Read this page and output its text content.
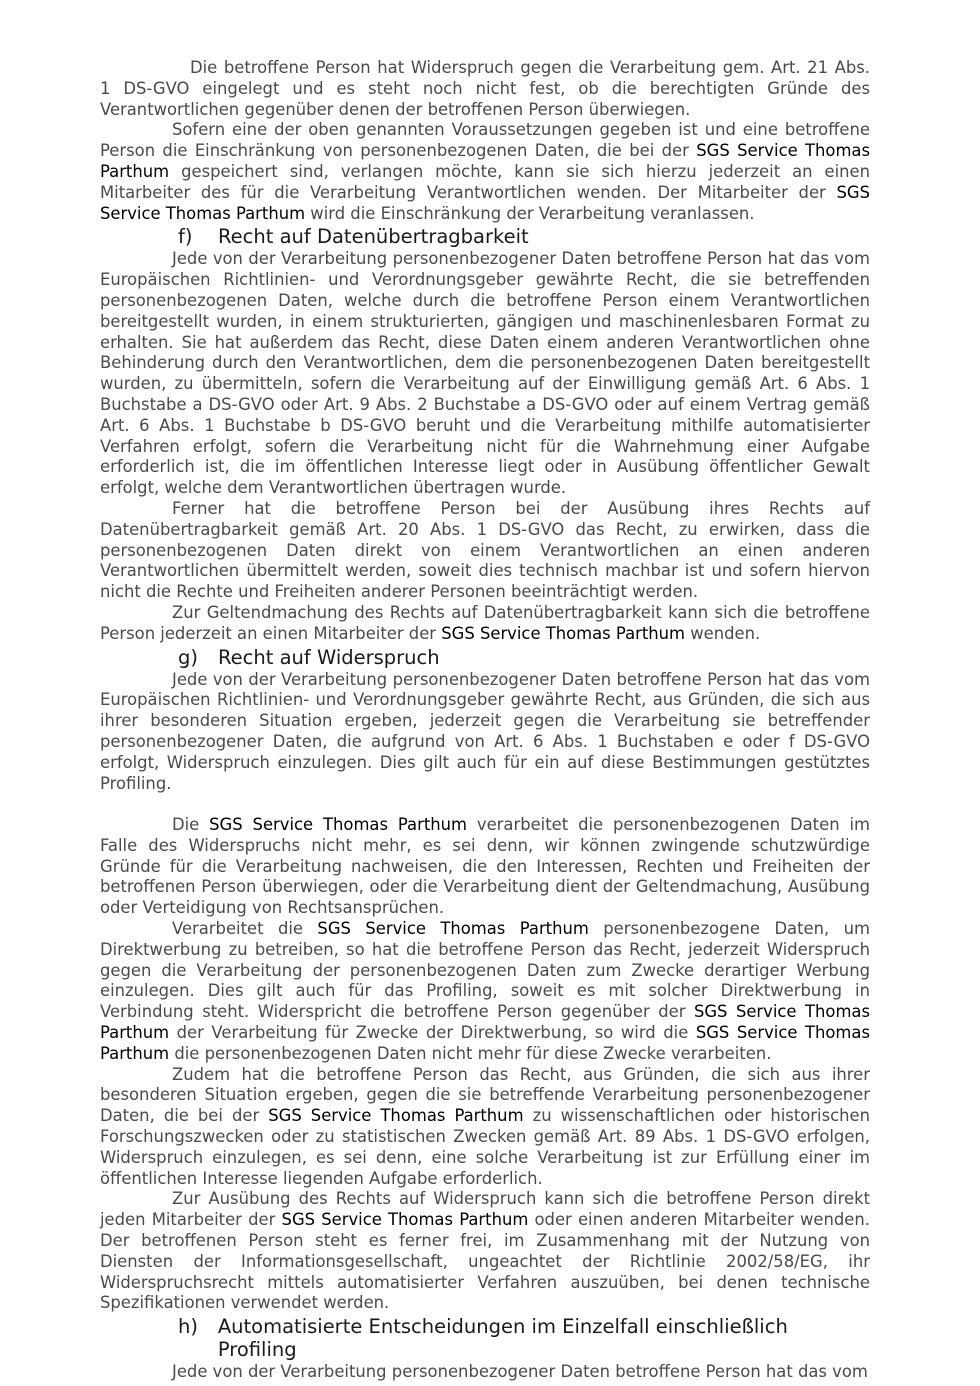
Die betroffene Person hat Widerspruch gegen die Verarbeitung gem. Art. 21 Abs. 1 DS-GVO eingelegt und es steht noch nicht fest, ob die berechtigten Gründe des Verantwortlichen gegenüber denen der betroffenen Person überwiegen.

Sofern eine der oben genannten Voraussetzungen gegeben ist und eine betroffene Person die Einschränkung von personenbezogenen Daten, die bei der SGS Service Thomas Parthum gespeichert sind, verlangen möchte, kann sie sich hierzu jederzeit an einen Mitarbeiter des für die Verarbeitung Verantwortlichen wenden. Der Mitarbeiter der SGS Service Thomas Parthum wird die Einschränkung der Verarbeitung veranlassen.

f)	Recht auf Datenübertragbarkeit

Jede von der Verarbeitung personenbezogener Daten betroffene Person hat das vom Europäischen Richtlinien- und Verordnungsgeber gewährte Recht, die sie betreffenden personenbezogenen Daten, welche durch die betroffene Person einem Verantwortlichen bereitgestellt wurden, in einem strukturierten, gängigen und maschinenlesbaren Format zu erhalten. Sie hat außerdem das Recht, diese Daten einem anderen Verantwortlichen ohne Behinderung durch den Verantwortlichen, dem die personenbezogenen Daten bereitgestellt wurden, zu übermitteln, sofern die Verarbeitung auf der Einwilligung gemäß Art. 6 Abs. 1 Buchstabe a DS-GVO oder Art. 9 Abs. 2 Buchstabe a DS-GVO oder auf einem Vertrag gemäß Art. 6 Abs. 1 Buchstabe b DS-GVO beruht und die Verarbeitung mithilfe automatisierter Verfahren erfolgt, sofern die Verarbeitung nicht für die Wahrnehmung einer Aufgabe erforderlich ist, die im öffentlichen Interesse liegt oder in Ausübung öffentlicher Gewalt erfolgt, welche dem Verantwortlichen übertragen wurde.

Ferner hat die betroffene Person bei der Ausübung ihres Rechts auf Datenübertragbarkeit gemäß Art. 20 Abs. 1 DS-GVO das Recht, zu erwirken, dass die personenbezogenen Daten direkt von einem Verantwortlichen an einen anderen Verantwortlichen übermittelt werden, soweit dies technisch machbar ist und sofern hiervon nicht die Rechte und Freiheiten anderer Personen beeinträchtigt werden.

Zur Geltendmachung des Rechts auf Datenübertragbarkeit kann sich die betroffene Person jederzeit an einen Mitarbeiter der SGS Service Thomas Parthum wenden.

g)	Recht auf Widerspruch

Jede von der Verarbeitung personenbezogener Daten betroffene Person hat das vom Europäischen Richtlinien- und Verordnungsgeber gewährte Recht, aus Gründen, die sich aus ihrer besonderen Situation ergeben, jederzeit gegen die Verarbeitung sie betreffender personenbezogener Daten, die aufgrund von Art. 6 Abs. 1 Buchstaben e oder f DS-GVO erfolgt, Widerspruch einzulegen. Dies gilt auch für ein auf diese Bestimmungen gestütztes Profiling.

Die SGS Service Thomas Parthum verarbeitet die personenbezogenen Daten im Falle des Widerspruchs nicht mehr, es sei denn, wir können zwingende schutzwürdige Gründe für die Verarbeitung nachweisen, die den Interessen, Rechten und Freiheiten der betroffenen Person überwiegen, oder die Verarbeitung dient der Geltendmachung, Ausübung oder Verteidigung von Rechtsansprüchen.

Verarbeitet die SGS Service Thomas Parthum personenbezogene Daten, um Direktwerbung zu betreiben, so hat die betroffene Person das Recht, jederzeit Widerspruch gegen die Verarbeitung der personenbezogenen Daten zum Zwecke derartiger Werbung einzulegen. Dies gilt auch für das Profiling, soweit es mit solcher Direktwerbung in Verbindung steht. Widerspricht die betroffene Person gegenüber der SGS Service Thomas Parthum der Verarbeitung für Zwecke der Direktwerbung, so wird die SGS Service Thomas Parthum die personenbezogenen Daten nicht mehr für diese Zwecke verarbeiten.

Zudem hat die betroffene Person das Recht, aus Gründen, die sich aus ihrer besonderen Situation ergeben, gegen die sie betreffende Verarbeitung personenbezogener Daten, die bei der SGS Service Thomas Parthum zu wissenschaftlichen oder historischen Forschungszwecken oder zu statistischen Zwecken gemäß Art. 89 Abs. 1 DS-GVO erfolgen, Widerspruch einzulegen, es sei denn, eine solche Verarbeitung ist zur Erfüllung einer im öffentlichen Interesse liegenden Aufgabe erforderlich.

Zur Ausübung des Rechts auf Widerspruch kann sich die betroffene Person direkt jeden Mitarbeiter der SGS Service Thomas Parthum oder einen anderen Mitarbeiter wenden. Der betroffenen Person steht es ferner frei, im Zusammenhang mit der Nutzung von Diensten der Informationsgesellschaft, ungeachtet der Richtlinie 2002/58/EG, ihr Widerspruchsrecht mittels automatisierter Verfahren auszuüben, bei denen technische Spezifikationen verwendet werden.

h)	Automatisierte Entscheidungen im Einzelfall einschließlich Profiling

Jede von der Verarbeitung personenbezogener Daten betroffene Person hat das vom
